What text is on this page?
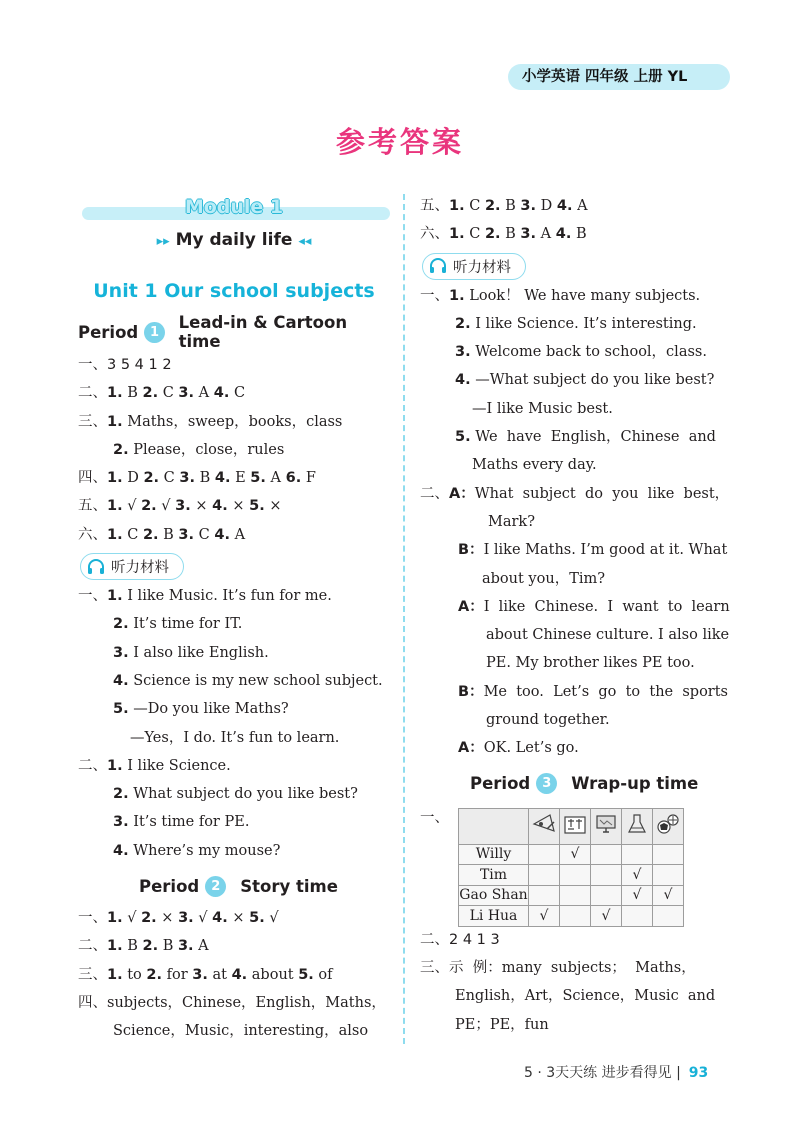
小学英语 四年级 上册 YL
参考答案
Module 1
▸▸ My daily life ◂◂
Unit 1 Our school subjects
Period 1	Lead-in & Cartoon time
一、3 5 4 1 2
二、1. B 2. C 3. A 4. C
三、1. Maths，sweep，books，class
2. Please，close，rules
四、1. D 2. C 3. B 4. E 5. A 6. F
五、1. √ 2. √ 3. × 4. × 5. ×
六、1. C 2. B 3. C 4. A
听力材料
一、1. I like Music. It’s fun for me.
2. It’s time for IT.
3. I also like English.
4. Science is my new school subject.
5. —Do you like Maths?
—Yes，I do. It’s fun to learn.
二、1. I like Science.
2. What subject do you like best?
3. It’s time for PE.
4. Where’s my mouse?
Period 2	Story time
一、1. √ 2. × 3. √ 4. × 5. √
二、1. B 2. B 3. A
三、1. to 2. for 3. at 4. about 5. of
四、subjects，Chinese，English，Maths，
Science，Music，interesting，also
五、1. C 2. B 3. D 4. A
六、1. C 2. B 3. A 4. B
听力材料
一、1. Look！ We have many subjects.
2. I like Science. It’s interesting.
3. Welcome back to school，class.
4. —What subject do you like best?
—I like Music best.
5. We  have  English，Chinese  and
Maths every day.
二、A：What  subject  do  you  like  best，
Mark?
B：I like Maths. I’m good at it. What
about you，Tim?
A：I  like  Chinese.  I  want  to  learn
about Chinese culture. I also like
PE. My brother likes PE too.
B：Me  too.  Let’s  go  to  the  sports
ground together.
A：OK. Let’s go.
Period 3	Wrap-up time
一、

Willy		√			
Tim				√	
Gao Shan				√	√
Li Hua	√		√		
二、2 4 1 3
三、示  例：many  subjects；  Maths，
English，Art，Science，Music  and
PE；PE，fun
5 · 3天天练 进步看得见 | 93
